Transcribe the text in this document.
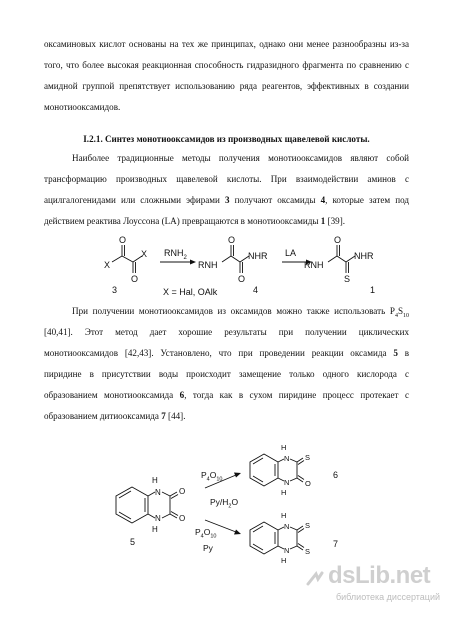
оксаминовых кислот основаны на тех же принципах, однако они менее разнообразны из-за
того, что более высокая реакционная способность гидразидного фрагмента по сравнению с
амидной группой препятствует использованию ряда реагентов, эффективных в создании
монотиооксамидов.
I.2.1. Синтез монотиооксамидов из производных щавелевой кислоты.
Наиболее традиционные методы получения монотиооксамидов являют собой
трансформацию производных щавелевой кислоты. При взаимодействии аминов с
ацилгалогенидами или сложными эфирами 3 получают оксамиды 4, которые затем под
действием реактива Лоуссона (LA) превращаются в монотиооксамиды 1 [39].
X
X
O
O
3
$RNH_2$
X = Hal, OAlk
RNH
NHR
O
O
4
LA
RNH
NHR
O
S
1
При получении монотиооксамидов из оксамидов можно также использовать $P_4S_{10}$
[40,41]. Этот метод дает хорошие результаты при получении циклических
монотиооксамидов [42,43]. Установлено, что при проведении реакции оксамида 5 в
пиридине в присутствии воды происходит замещение только одного кислорода с
образованием монотиооксамида 6, тогда как в сухом пиридине процесс протекает с
образованием дитиооксамида 7 [44].
H
N
N
H
O
O
5
$P_4O_{10}$
$Py/H_2O$
$P_4O_{10}$
Py
H
N
N
H
S
O
6
H
N
N
H
S
S
7
dsLib.net
библиотека диссертаций
